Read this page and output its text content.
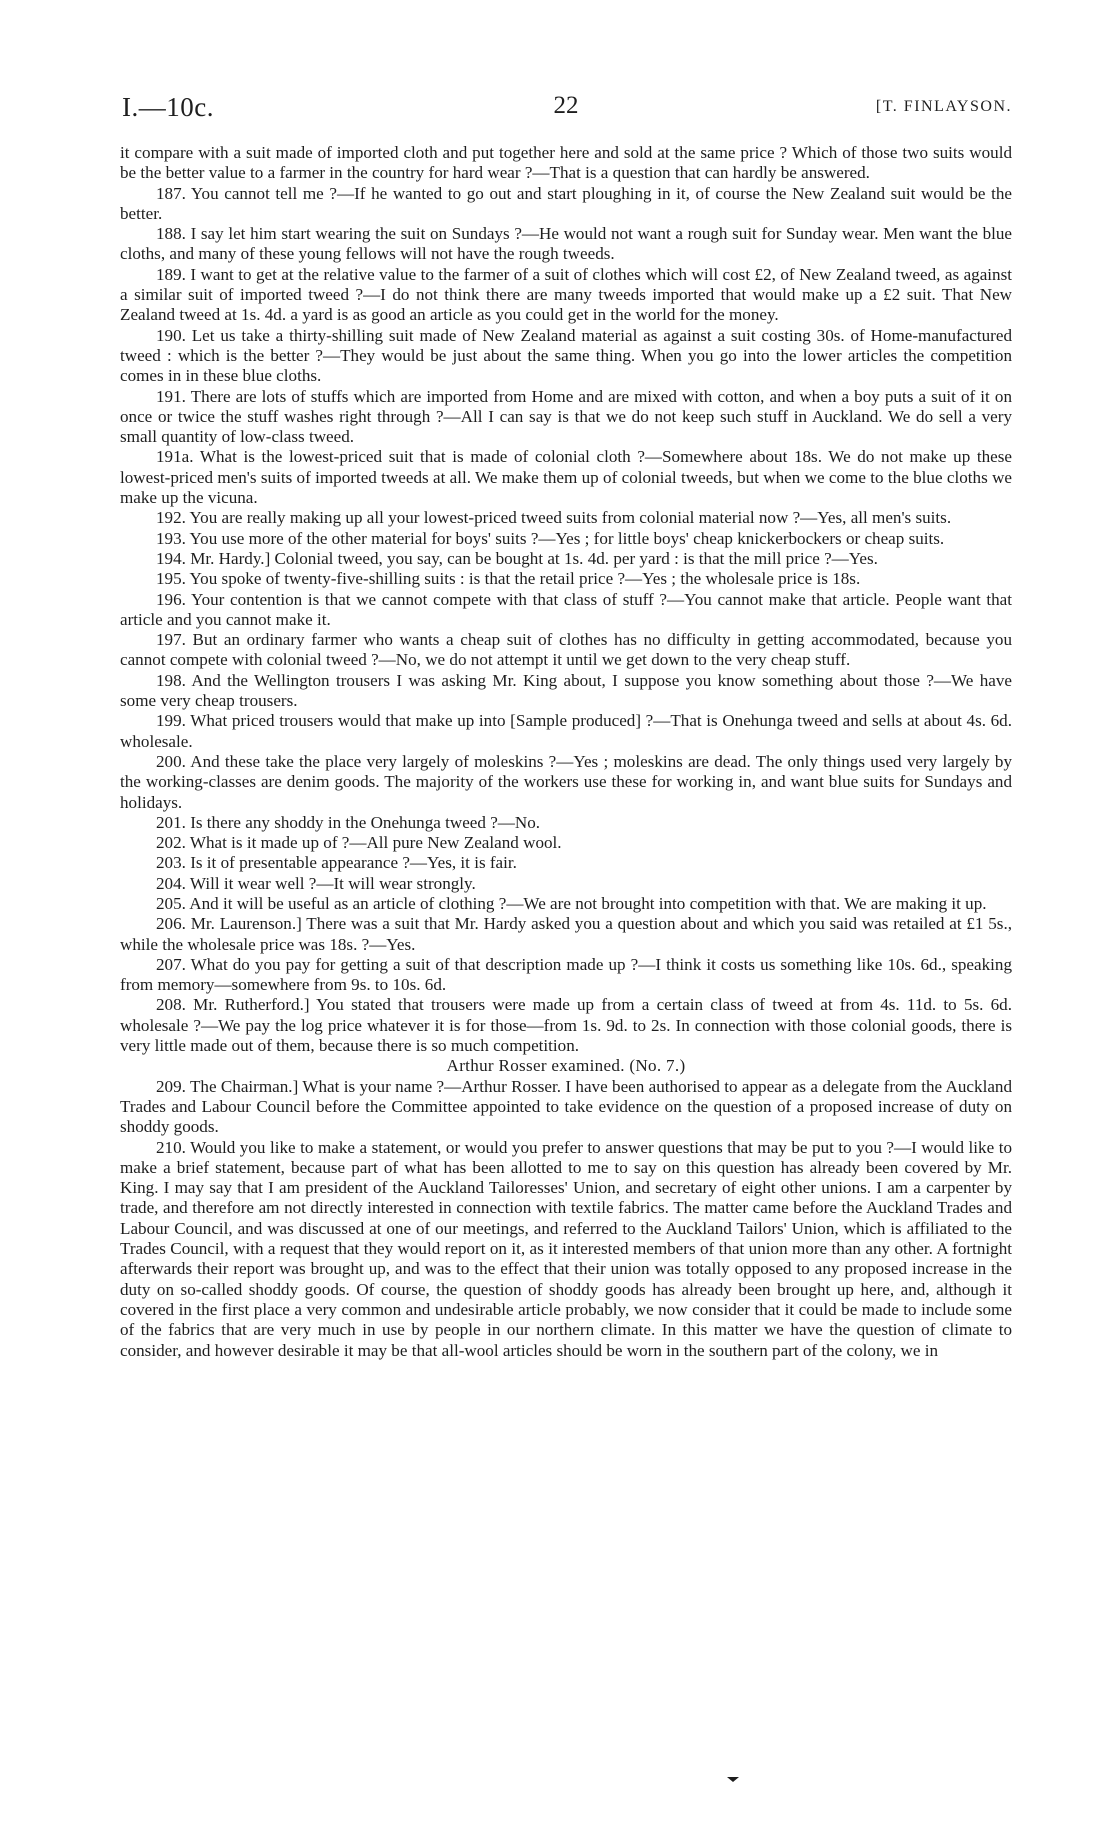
I.—10c.	22	[T. FINLAYSON.

it compare with a suit made of imported cloth and put together here and sold at the same price ? Which of those two suits would be the better value to a farmer in the country for hard wear ?—That is a question that can hardly be answered.

187. You cannot tell me ?—If he wanted to go out and start ploughing in it, of course the New Zealand suit would be the better.

188. I say let him start wearing the suit on Sundays ?—He would not want a rough suit for Sunday wear. Men want the blue cloths, and many of these young fellows will not have the rough tweeds.

189. I want to get at the relative value to the farmer of a suit of clothes which will cost £2, of New Zealand tweed, as against a similar suit of imported tweed ?—I do not think there are many tweeds imported that would make up a £2 suit. That New Zealand tweed at 1s. 4d. a yard is as good an article as you could get in the world for the money.

190. Let us take a thirty-shilling suit made of New Zealand material as against a suit costing 30s. of Home-manufactured tweed : which is the better ?—They would be just about the same thing. When you go into the lower articles the competition comes in in these blue cloths.

191. There are lots of stuffs which are imported from Home and are mixed with cotton, and when a boy puts a suit of it on once or twice the stuff washes right through ?—All I can say is that we do not keep such stuff in Auckland. We do sell a very small quantity of low-class tweed.

191a. What is the lowest-priced suit that is made of colonial cloth ?—Somewhere about 18s. We do not make up these lowest-priced men's suits of imported tweeds at all. We make them up of colonial tweeds, but when we come to the blue cloths we make up the vicuna.

192. You are really making up all your lowest-priced tweed suits from colonial material now ?—Yes, all men's suits.

193. You use more of the other material for boys' suits ?—Yes ; for little boys' cheap knickerbockers or cheap suits.

194. Mr. Hardy.] Colonial tweed, you say, can be bought at 1s. 4d. per yard : is that the mill price ?—Yes.

195. You spoke of twenty-five-shilling suits : is that the retail price ?—Yes ; the wholesale price is 18s.

196. Your contention is that we cannot compete with that class of stuff ?—You cannot make that article. People want that article and you cannot make it.

197. But an ordinary farmer who wants a cheap suit of clothes has no difficulty in getting accommodated, because you cannot compete with colonial tweed ?—No, we do not attempt it until we get down to the very cheap stuff.

198. And the Wellington trousers I was asking Mr. King about, I suppose you know something about those ?—We have some very cheap trousers.

199. What priced trousers would that make up into [Sample produced] ?—That is Onehunga tweed and sells at about 4s. 6d. wholesale.

200. And these take the place very largely of moleskins ?—Yes ; moleskins are dead. The only things used very largely by the working-classes are denim goods. The majority of the workers use these for working in, and want blue suits for Sundays and holidays.

201. Is there any shoddy in the Onehunga tweed ?—No.

202. What is it made up of ?—All pure New Zealand wool.

203. Is it of presentable appearance ?—Yes, it is fair.

204. Will it wear well ?—It will wear strongly.

205. And it will be useful as an article of clothing ?—We are not brought into competition with that. We are making it up.

206. Mr. Laurenson.] There was a suit that Mr. Hardy asked you a question about and which you said was retailed at £1 5s., while the wholesale price was 18s. ?—Yes.

207. What do you pay for getting a suit of that description made up ?—I think it costs us something like 10s. 6d., speaking from memory—somewhere from 9s. to 10s. 6d.

208. Mr. Rutherford.] You stated that trousers were made up from a certain class of tweed at from 4s. 11d. to 5s. 6d. wholesale ?—We pay the log price whatever it is for those—from 1s. 9d. to 2s. In connection with those colonial goods, there is very little made out of them, because there is so much competition.

Arthur Rosser examined. (No. 7.)

209. The Chairman.] What is your name ?—Arthur Rosser. I have been authorised to appear as a delegate from the Auckland Trades and Labour Council before the Committee appointed to take evidence on the question of a proposed increase of duty on shoddy goods.

210. Would you like to make a statement, or would you prefer to answer questions that may be put to you ?—I would like to make a brief statement, because part of what has been allotted to me to say on this question has already been covered by Mr. King. I may say that I am president of the Auckland Tailoresses' Union, and secretary of eight other unions. I am a carpenter by trade, and therefore am not directly interested in connection with textile fabrics. The matter came before the Auckland Trades and Labour Council, and was discussed at one of our meetings, and referred to the Auckland Tailors' Union, which is affiliated to the Trades Council, with a request that they would report on it, as it interested members of that union more than any other. A fortnight afterwards their report was brought up, and was to the effect that their union was totally opposed to any proposed increase in the duty on so-called shoddy goods. Of course, the question of shoddy goods has already been brought up here, and, although it covered in the first place a very common and undesirable article probably, we now consider that it could be made to include some of the fabrics that are very much in use by people in our northern climate. In this matter we have the question of climate to consider, and however desirable it may be that all-wool articles should be worn in the southern part of the colony, we in
